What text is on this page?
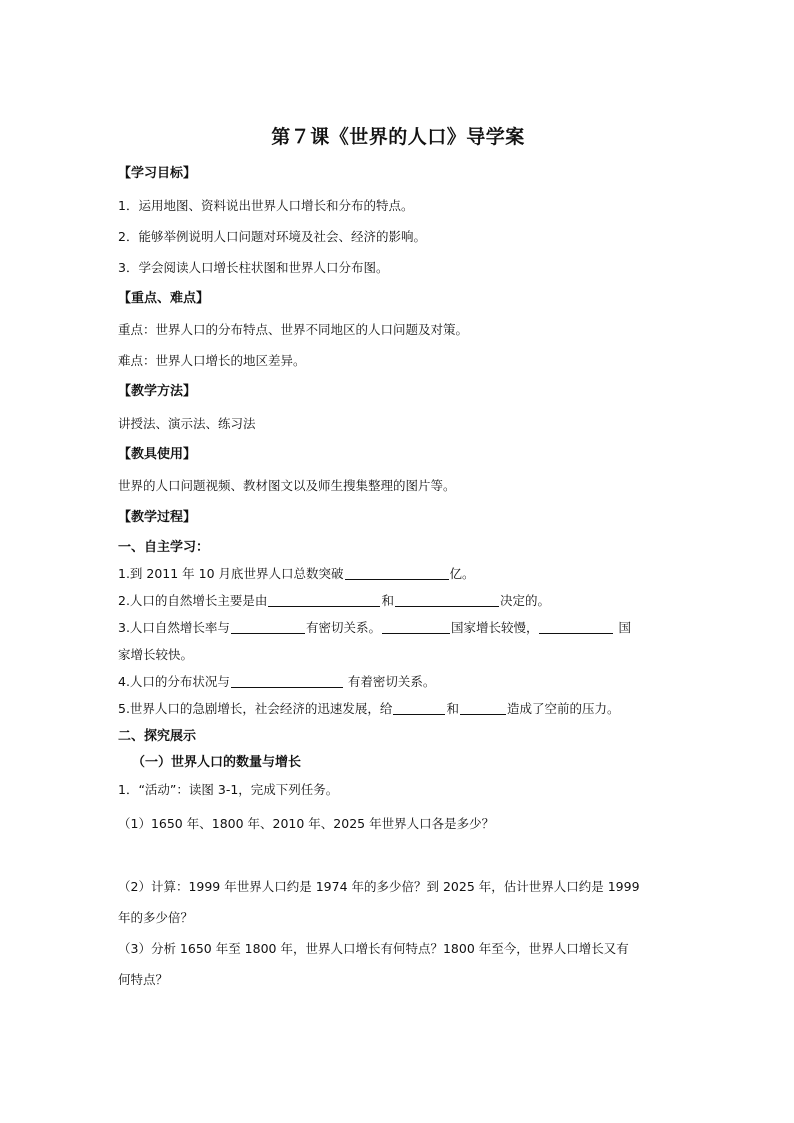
第７课《世界的人口》导学案
【学习目标】
1．运用地图、资料说出世界人口增长和分布的特点。
2．能够举例说明人口问题对环境及社会、经济的影响。
3．学会阅读人口增长柱状图和世界人口分布图。
【重点、难点】
重点：世界人口的分布特点、世界不同地区的人口问题及对策。
难点：世界人口增长的地区差异。
【教学方法】
讲授法、演示法、练习法
【教具使用】
世界的人口问题视频、教材图文以及师生搜集整理的图片等。
【教学过程】
一、自主学习：
1.到 2011 年 10 月底世界人口总数突破	亿。
2.人口的自然增长主要是由	和	决定的。
3.人口自然增长率与	有密切关系。	国家增长较慢，	国
家增长较快。
4.人口的分布状况与	有着密切关系。
5.世界人口的急剧增长，社会经济的迅速发展，给	和	造成了空前的压力。
二、探究展示
（一）世界人口的数量与增长
1．“活动”：读图 3-1，完成下列任务。
（1）1650 年、1800 年、2010 年、2025 年世界人口各是多少？
（2）计算：1999 年世界人口约是 1974 年的多少倍？到 2025 年，估计世界人口约是 1999
年的多少倍？
（3）分析 1650 年至 1800 年，世界人口增长有何特点？1800 年至今，世界人口增长又有
何特点？
